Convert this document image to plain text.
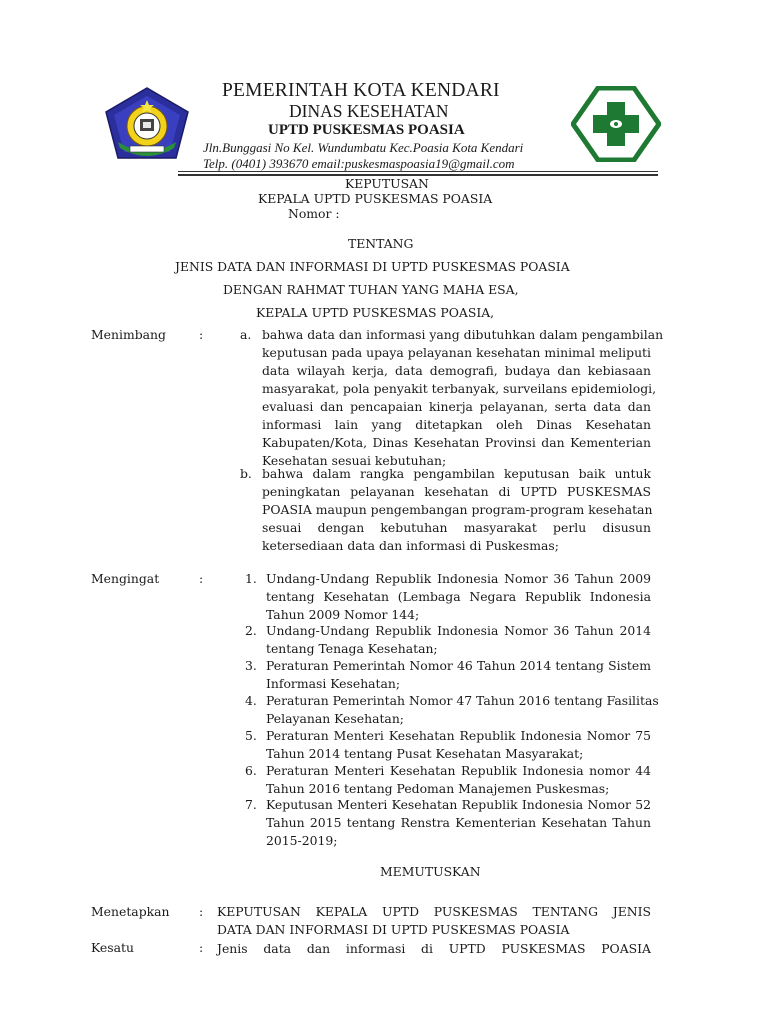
PEMERINTAH KOTA KENDARI
DINAS KESEHATAN
UPTD PUSKESMAS POASIA
Jln.Bunggasi No Kel. Wundumbatu Kec.Poasia Kota Kendari
Telp. (0401) 393670 email:puskesmaspoasia19@gmail.com
KEPUTUSAN
KEPALA UPTD PUSKESMAS POASIA
Nomor :
TENTANG
JENIS DATA DAN INFORMASI DI UPTD PUSKESMAS POASIA
DENGAN RAHMAT TUHAN YANG MAHA ESA,
KEPALA UPTD PUSKESMAS POASIA,
Menimbang	:	a. bahwa data dan informasi yang dibutuhkan dalam pengambilan
keputusan pada upaya pelayanan kesehatan minimal meliputi
data wilayah kerja, data demografi, budaya dan kebiasaan
masyarakat, pola penyakit terbanyak, surveilans epidemiologi,
evaluasi dan pencapaian kinerja pelayanan, serta data dan
informasi lain yang ditetapkan oleh Dinas Kesehatan
Kabupaten/Kota, Dinas Kesehatan Provinsi dan Kementerian
Kesehatan sesuai kebutuhan;
b. bahwa dalam rangka pengambilan keputusan baik untuk
peningkatan pelayanan kesehatan di UPTD PUSKESMAS
POASIA maupun pengembangan program-program kesehatan
sesuai dengan kebutuhan masyarakat perlu disusun
ketersediaan data dan informasi di Puskesmas;
Mengingat	:	1. Undang-Undang Republik Indonesia Nomor 36 Tahun 2009
tentang Kesehatan (Lembaga Negara Republik Indonesia
Tahun 2009 Nomor 144;
2. Undang-Undang Republik Indonesia Nomor 36 Tahun 2014
tentang Tenaga Kesehatan;
3. Peraturan Pemerintah Nomor 46 Tahun 2014 tentang Sistem
Informasi Kesehatan;
4. Peraturan Pemerintah Nomor 47 Tahun 2016 tentang Fasilitas
Pelayanan Kesehatan;
5. Peraturan Menteri Kesehatan Republik Indonesia Nomor 75
Tahun 2014 tentang Pusat Kesehatan Masyarakat;
6. Peraturan Menteri Kesehatan Republik Indonesia nomor 44
Tahun 2016 tentang Pedoman Manajemen Puskesmas;
7. Keputusan Menteri Kesehatan Republik Indonesia Nomor 52
Tahun 2015 tentang Renstra Kementerian Kesehatan Tahun
2015-2019;
MEMUTUSKAN
Menetapkan : KEPUTUSAN KEPALA UPTD PUSKESMAS TENTANG JENIS
DATA DAN INFORMASI DI UPTD PUSKESMAS POASIA
Kesatu	: Jenis data dan informasi di UPTD PUSKESMAS POASIA
